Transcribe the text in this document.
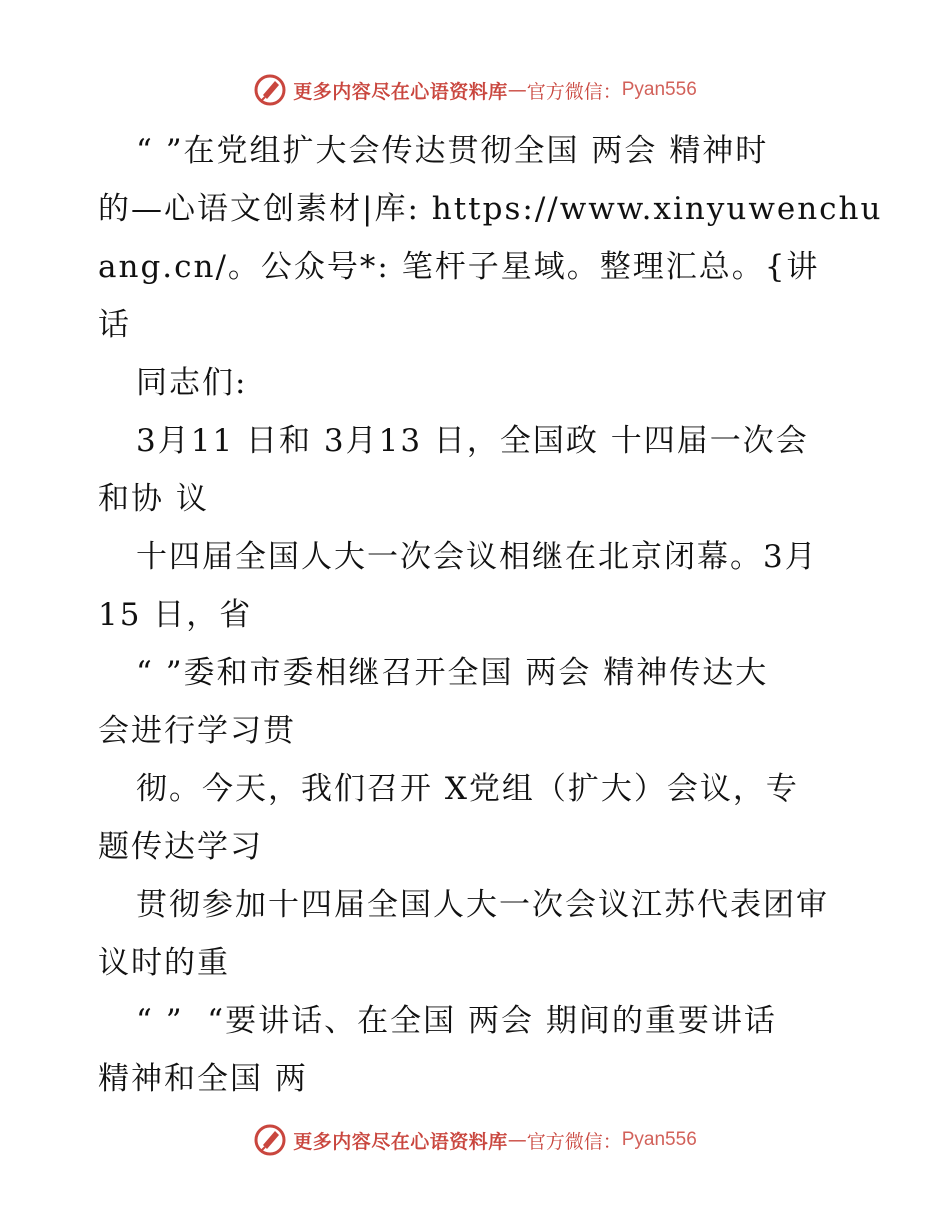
更多内容尽在心语资料库 — 官方微信： Pyan556
“ ”在党组扩大会传达贯彻全国 两会 精神时
的—心语文创素材|库: https://www.xinyuwenchu
ang.cn/。公众号*: 笔杆子星域。整理汇总。{讲
话
同志们:
3月11 日和 3月13 日，全国政 十四届一次会
和协 议
十四届全国人大一次会议相继在北京闭幕。3月
15 日，省
“ ”委和市委相继召开全国 两会 精神传达大
会进行学习贯
彻。今天，我们召开 X党组（扩大）会议，专
题传达学习
贯彻参加十四届全国人大一次会议江苏代表团审
议时的重
“ ”  “要讲话、在全国 两会 期间的重要讲话
精神和全国 两
更多内容尽在心语资料库 — 官方微信： Pyan556
